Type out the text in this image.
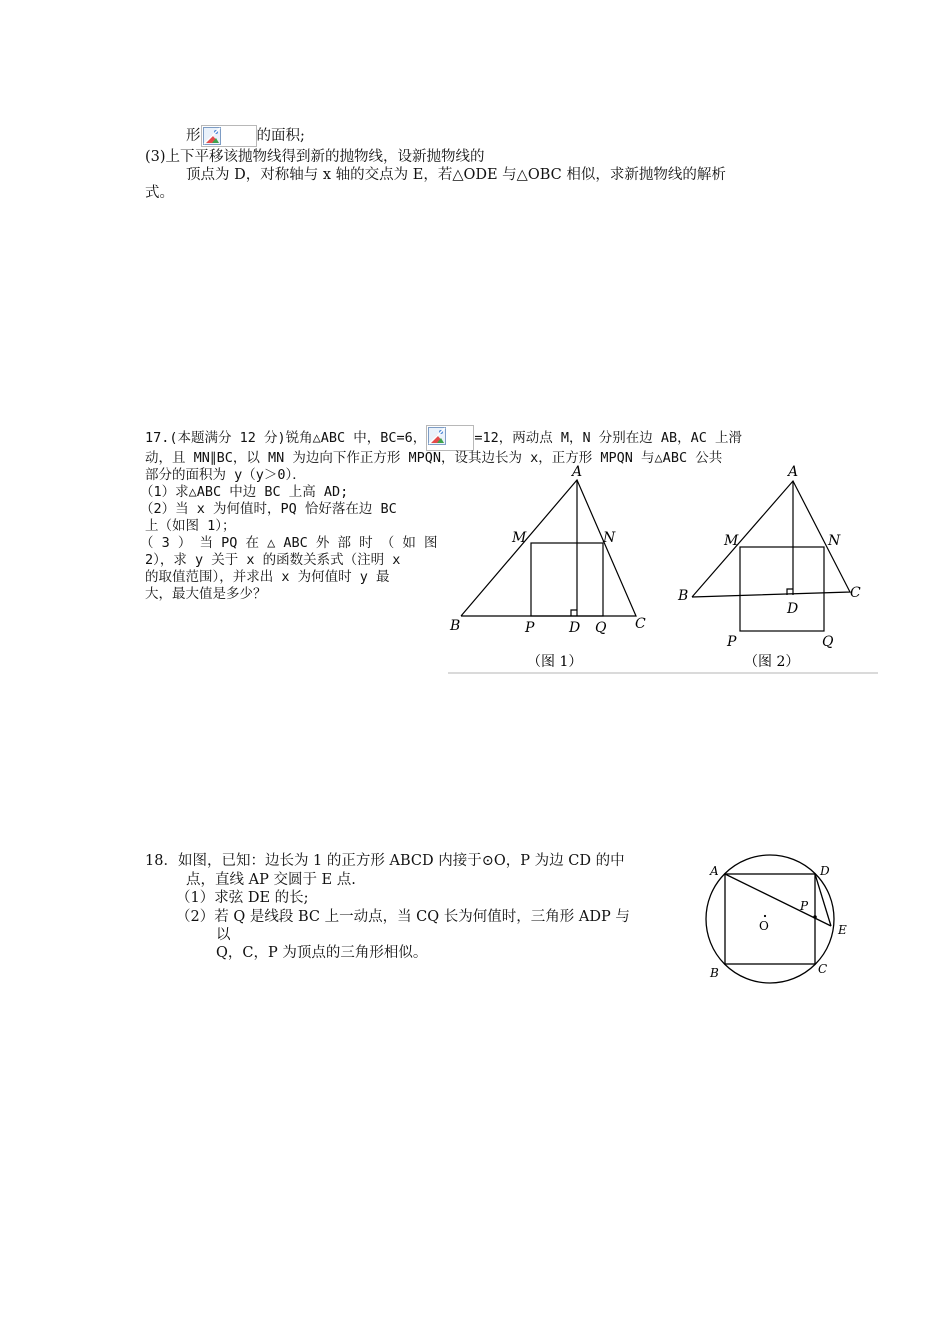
形	的面积;
(3)上下平移该抛物线得到新的抛物线，设新抛物线的
顶点为 D，对称轴与 x 轴的交点为 E，若△ODE 与△OBC 相似，求新抛物线的解析
式。
17.(本题满分 12 分)锐角△ABC 中，BC=6，	=12，两动点 M，N 分别在边 AB，AC 上滑
动，且 MN∥BC，以 MN 为边向下作正方形 MPQN，设其边长为 x，正方形 MPQN 与△ABC 公共
部分的面积为 y（y＞0）．
（1）求△ABC 中边 BC 上高 AD;
（2）当 x 为何值时，PQ 恰好落在边 BC
上（如图 1）；
（ 3 ） 当 PQ 在 △ ABC 外 部 时 （ 如 图
2），求 y 关于 x 的函数关系式（注明 x
的取值范围），并求出 x 为何值时 y 最
大，最大值是多少？
A
M	N
B	P D Q C
（图 1）
A
M	N
B
D
C
P	Q
（图 2）
18．如图，已知：边长为 1 的正方形 ABCD 内接于⊙O，P 为边 CD 的中
点，直线 AP 交圆于 E 点.
（1）求弦 DE 的长;
（2）若 Q 是线段 BC 上一动点，当 CQ 长为何值时，三角形 ADP 与
以
Q，C，P 为顶点的三角形相似。
A	D
P
E
B	C
O
